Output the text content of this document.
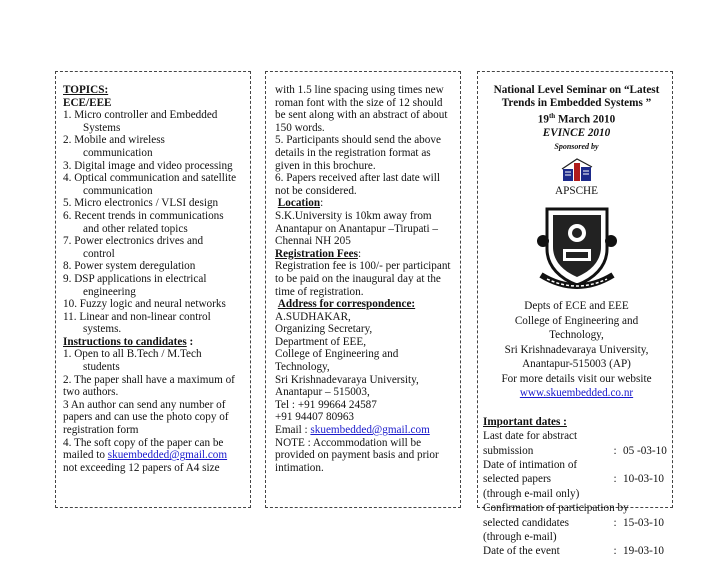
TOPICS:
ECE/EEE
1. Micro controller and Embedded
Systems
2. Mobile and wireless
communication
3. Digital image and video processing
4. Optical communication and satellite
communication
5. Micro electronics / VLSI design
6. Recent trends in communications
and other related topics
7. Power electronics drives and
control
8. Power system deregulation
9. DSP applications in electrical
engineering
10. Fuzzy logic and neural networks
11. Linear and non-linear control
systems.
Instructions to candidates :
1. Open to all B.Tech / M.Tech
students
2. The paper shall have a maximum of
two authors.
3 An author can send any number of
papers and can use the photo copy of
registration form
4. The soft copy of the paper can be
mailed to skuembedded@gmail.com
not exceeding 12 papers of A4 size
with 1.5 line spacing using times new
roman font with the size of 12 should
be sent along with an abstract of about
150 words.
5. Participants should send the above
details in the registration format as
given in this brochure.
6. Papers received after last date will
not be considered.
Location:
S.K.University is 10km away from
Anantapur on Anantapur –Tirupati –
Chennai NH 205
Registration Fees:
Registration fee is 100/- per participant
to be paid on the inaugural day at the
time of registration.
Address for correspondence:
A.SUDHAKAR,
Organizing Secretary,
Department of EEE,
College of Engineering and
Technology,
Sri Krishnadevaraya University,
Anantapur – 515003,
Tel : +91 99664 24587
+91 94407 80963
Email : skuembedded@gmail.com
NOTE : Accommodation will be
provided on payment basis and prior
intimation.
National Level Seminar on “Latest
Trends in Embedded Systems ”
19th March 2010
EVINCE 2010
Sponsored by
APSCHE
Depts of ECE and EEE
College of Engineering and
Technology,
Sri Krishnadevaraya University,
Anantapur-515003 (AP)
For more details visit our website
www.skuembedded.co.nr
Important dates :
Last date for abstract
submission	: 05 -03-10
Date of intimation of
selected papers	: 10-03-10
(through e-mail only)
Confirmation of participation by
selected candidates	: 15-03-10
(through e-mail)
Date of the event	: 19-03-10
